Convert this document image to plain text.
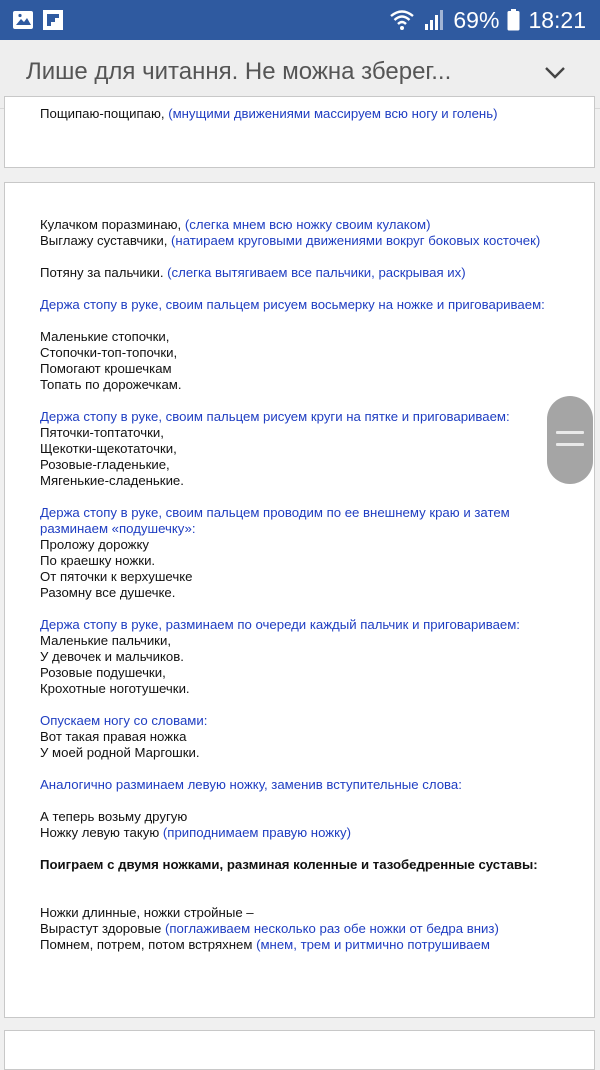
69% 18:21
Лише для читання. Не можна зберег...
Пощипаю-пощипаю, (мнущими движениями массируем всю ногу и голень)
Кулачком поразминаю, (слегка мнем всю ножку своим кулаком)
Выглажу суставчики, (натираем круговыми движениями вокруг боковых косточек)
Потяну за пальчики. (слегка вытягиваем все пальчики, раскрывая их)
Держа стопу в руке, своим пальцем рисуем восьмерку на ножке и приговариваем:
Маленькие стопочки,
Стопочки-топ-топочки,
Помогают крошечкам
Топать по дорожечкам.
Держа стопу в руке, своим пальцем рисуем круги на пятке и приговариваем:
Пяточки-топтаточки,
Щекотки-щекотаточки,
Розовые-гладенькие,
Мягенькие-сладенькие.
Держа стопу в руке, своим пальцем проводим по ее внешнему краю и затем разминаем «подушечку»:
Проложу дорожку
По краешку ножки.
От пяточки к верхушечке
Разомну все душечке.
Держа стопу в руке, разминаем по очереди каждый пальчик и приговариваем:
Маленькие пальчики,
У девочек и мальчиков.
Розовые подушечки,
Крохотные ноготушечки.
Опускаем ногу со словами:
Вот такая правая ножка
У моей родной Маргошки.
Аналогично разминаем левую ножку, заменив вступительные слова:
А теперь возьму другую
Ножку левую такую (приподнимаем правую ножку)
Поиграем с двумя ножками, разминая коленные и тазобедренные суставы:
Ножки длинные, ножки стройные –
Вырастут здоровые (поглаживаем несколько раз обе ножки от бедра вниз)
Помнем, потрем, потом встряхнем (мнем, трем и ритмично потрушиваем
